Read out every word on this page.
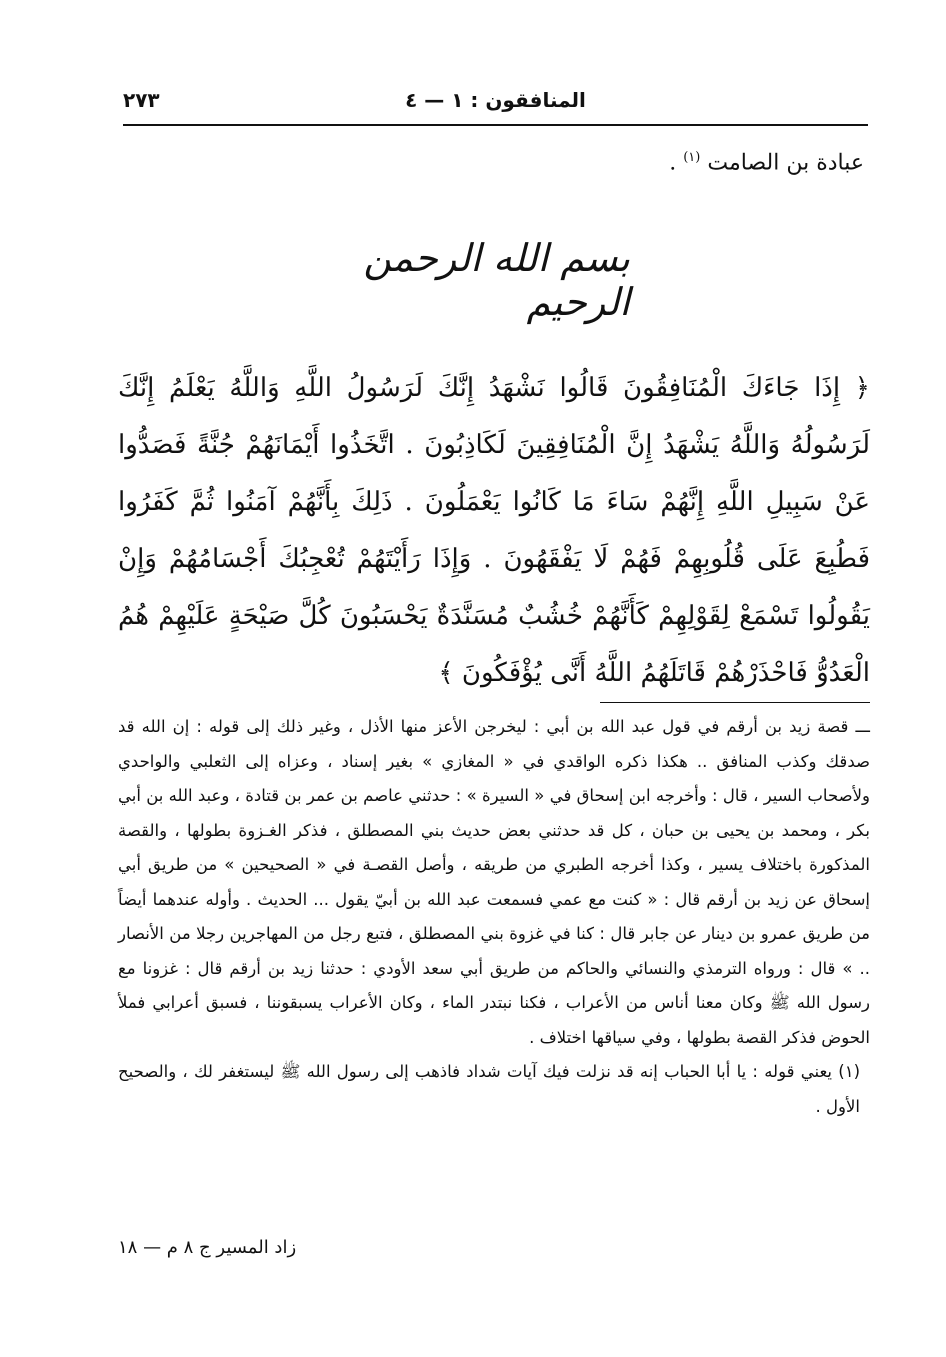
المنافقون : ١ — ٤
٢٧٣
عبادة بن الصامت $^{(١)}$ .
بسم الله الرحمن الرحيم
﴿ إِذَا جَاءَكَ الْمُنَافِقُونَ قَالُوا نَشْهَدُ إِنَّكَ لَرَسُولُ اللَّهِ وَاللَّهُ يَعْلَمُ إِنَّكَ لَرَسُولُهُ وَاللَّهُ يَشْهَدُ إِنَّ الْمُنَافِقِينَ لَكَاذِبُونَ . اتَّخَذُوا أَيْمَانَهُمْ جُنَّةً فَصَدُّوا عَنْ سَبِيلِ اللَّهِ إِنَّهُمْ سَاءَ مَا كَانُوا يَعْمَلُونَ . ذَلِكَ بِأَنَّهُمْ آمَنُوا ثُمَّ كَفَرُوا فَطُبِعَ عَلَى قُلُوبِهِمْ فَهُمْ لَا يَفْقَهُونَ . وَإِذَا رَأَيْتَهُمْ تُعْجِبُكَ أَجْسَامُهُمْ وَإِنْ يَقُولُوا تَسْمَعْ لِقَوْلِهِمْ كَأَنَّهُمْ خُشُبٌ مُسَنَّدَةٌ يَحْسَبُونَ كُلَّ صَيْحَةٍ عَلَيْهِمْ هُمُ الْعَدُوُّ فَاحْذَرْهُمْ قَاتَلَهُمُ اللَّهُ أَنَّى يُؤْفَكُونَ ﴾

ـــ قصة زيد بن أرقم في قول عبد الله بن أبي : ليخرجن الأعز منها الأذل ، وغير ذلك إلى قوله : إن الله قد صدقك وكذب المنافق .. هكذا ذكره الواقدي في « المغازي » بغير إسناد ، وعزاه إلى الثعلبي والواحدي ولأصحاب السير ، قال : وأخرجه ابن إسحاق في « السيرة » : حدثني عاصم بن عمر بن قتادة ، وعبد الله بن أبي بكر ، ومحمد بن يحيى بن حبان ، كل قد حدثني بعض حديث بني المصطلق ، فذكر الغـزوة بطولها ، والقصة المذكورة باختلاف يسير ، وكذا أخرجه الطبري من طريقه ، وأصل القصـة في « الصحيحين » من طريق أبي إسحاق عن زيد بن أرقم قال : « كنت مع عمي فسمعت عبد الله بن أبيّ يقول ... الحديث . وأوله عندهما أيضاً من طريق عمرو بن دينار عن جابر قال : كنا في غزوة بني المصطلق ، فتبع رجل من المهاجرين رجلا من الأنصار .. » قال : ورواه الترمذي والنسائي والحاكم من طريق أبي سعد الأودي : حدثنا زيد بن أرقم قال : غزونا مع رسول الله ﷺ وكان معنا أناس من الأعراب ، فكنا نبتدر الماء ، وكان الأعراب يسبقوننا ، فسبق أعرابي فملأ الحوض فذكر القصة بطولها ، وفي سياقها اختلاف .

(١) يعني قوله : يا أبا الحباب إنه قد نزلت فيك آيات شداد فاذهب إلى رسول الله ﷺ ليستغفر لك ، والصحيح الأول .

زاد المسير ج ٨ م — ١٨
